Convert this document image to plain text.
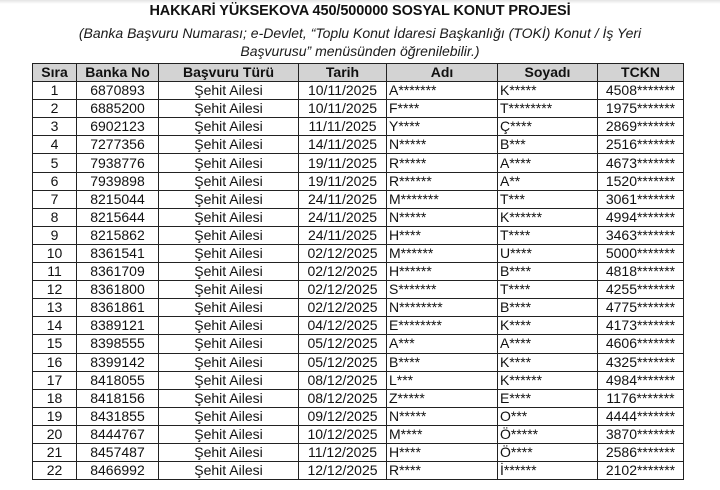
HAKKARİ YÜKSEKOVA 450/500000 SOSYAL KONUT PROJESİ
(Banka Başvuru Numarası; e-Devlet, “Toplu Konut İdaresi Başkanlığı (TOKİ) Konut / İş Yeri
Başvurusu” menüsünden öğrenilebilir.)
Sıra	Banka No	Başvuru Türü	Tarih	Adı	Soyadı	TCKN
1	6870893	Şehit Ailesi	10/11/2025	A*******	K*****	4508*******
2	6885200	Şehit Ailesi	10/11/2025	F****	T********	1975*******
3	6902123	Şehit Ailesi	11/11/2025	Y****	Ç****	2869*******
4	7277356	Şehit Ailesi	14/11/2025	N*****	B***	2516*******
5	7938776	Şehit Ailesi	19/11/2025	R*****	A****	4673*******
6	7939898	Şehit Ailesi	19/11/2025	R******	A**	1520*******
7	8215044	Şehit Ailesi	24/11/2025	M*******	T***	3061*******
8	8215644	Şehit Ailesi	24/11/2025	N*****	K******	4994*******
9	8215862	Şehit Ailesi	24/11/2025	H****	T****	3463*******
10	8361541	Şehit Ailesi	02/12/2025	M******	U****	5000*******
11	8361709	Şehit Ailesi	02/12/2025	H******	B****	4818*******
12	8361800	Şehit Ailesi	02/12/2025	S*******	T****	4255*******
13	8361861	Şehit Ailesi	02/12/2025	N********	B****	4775*******
14	8389121	Şehit Ailesi	04/12/2025	E********	K****	4173*******
15	8398555	Şehit Ailesi	05/12/2025	A***	A****	4606*******
16	8399142	Şehit Ailesi	05/12/2025	B****	K****	4325*******
17	8418055	Şehit Ailesi	08/12/2025	L***	K******	4984*******
18	8418156	Şehit Ailesi	08/12/2025	Z*****	E****	1176*******
19	8431855	Şehit Ailesi	09/12/2025	N*****	O***	4444*******
20	8444767	Şehit Ailesi	10/12/2025	M****	Ö*****	3870*******
21	8457487	Şehit Ailesi	11/12/2025	H****	Ö****	2586*******
22	8466992	Şehit Ailesi	12/12/2025	R****	İ******	2102*******
